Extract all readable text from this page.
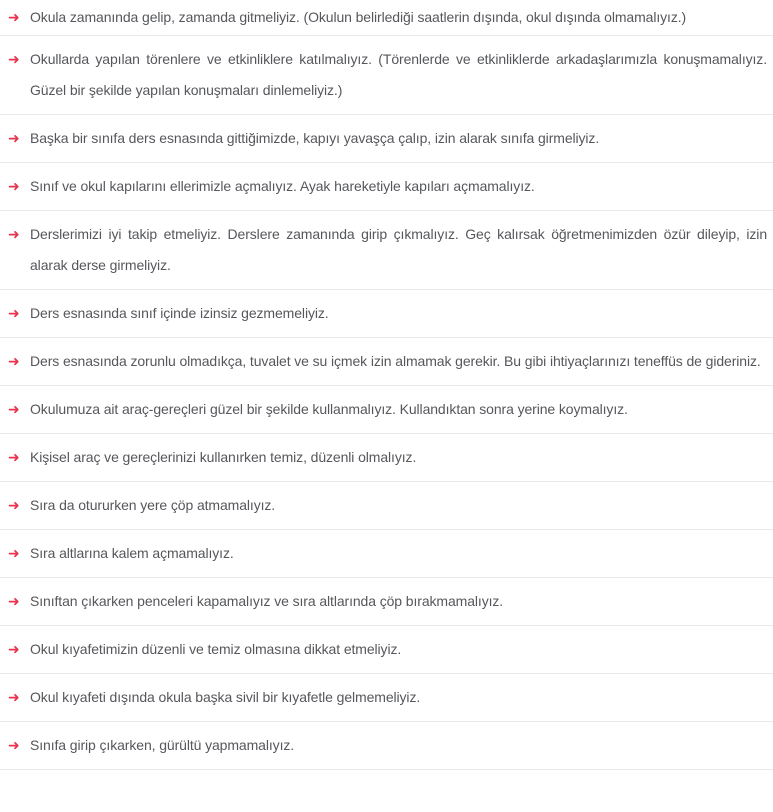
➜ Okula zamanında gelip, zamanda gitmeliyiz. (Okulun belirlediği saatlerin dışında, okul dışında olmamalıyız.)

➜ Okullarda yapılan törenlere ve etkinliklere katılmalıyız. (Törenlerde ve etkinliklerde arkadaşlarımızla konuşmamalıyız. Güzel bir şekilde yapılan konuşmaları dinlemeliyiz.)

➜ Başka bir sınıfa ders esnasında gittiğimizde, kapıyı yavaşça çalıp, izin alarak sınıfa girmeliyiz.

➜ Sınıf ve okul kapılarını ellerimizle açmalıyız. Ayak hareketiyle kapıları açmamalıyız.

➜ Derslerimizi iyi takip etmeliyiz. Derslere zamanında girip çıkmalıyız. Geç kalırsak öğretmenimizden özür dileyip, izin alarak derse girmeliyiz.

➜ Ders esnasında sınıf içinde izinsiz gezmemeliyiz.

➜ Ders esnasında zorunlu olmadıkça, tuvalet ve su içmek izin almamak gerekir. Bu gibi ihtiyaçlarınızı teneffüs de gideriniz.

➜ Okulumuza ait araç-gereçleri güzel bir şekilde kullanmalıyız. Kullandıktan sonra yerine koymalıyız.

➜ Kişisel araç ve gereçlerinizi kullanırken temiz, düzenli olmalıyız.

➜ Sıra da otururken yere çöp atmamalıyız.

➜ Sıra altlarına kalem açmamalıyız.

➜ Sınıftan çıkarken penceleri kapamalıyız ve sıra altlarında çöp bırakmamalıyız.

➜ Okul kıyafetimizin düzenli ve temiz olmasına dikkat etmeliyiz.

➜ Okul kıyafeti dışında okula başka sivil bir kıyafetle gelmemeliyiz.

➜ Sınıfa girip çıkarken, gürültü yapmamalıyız.
